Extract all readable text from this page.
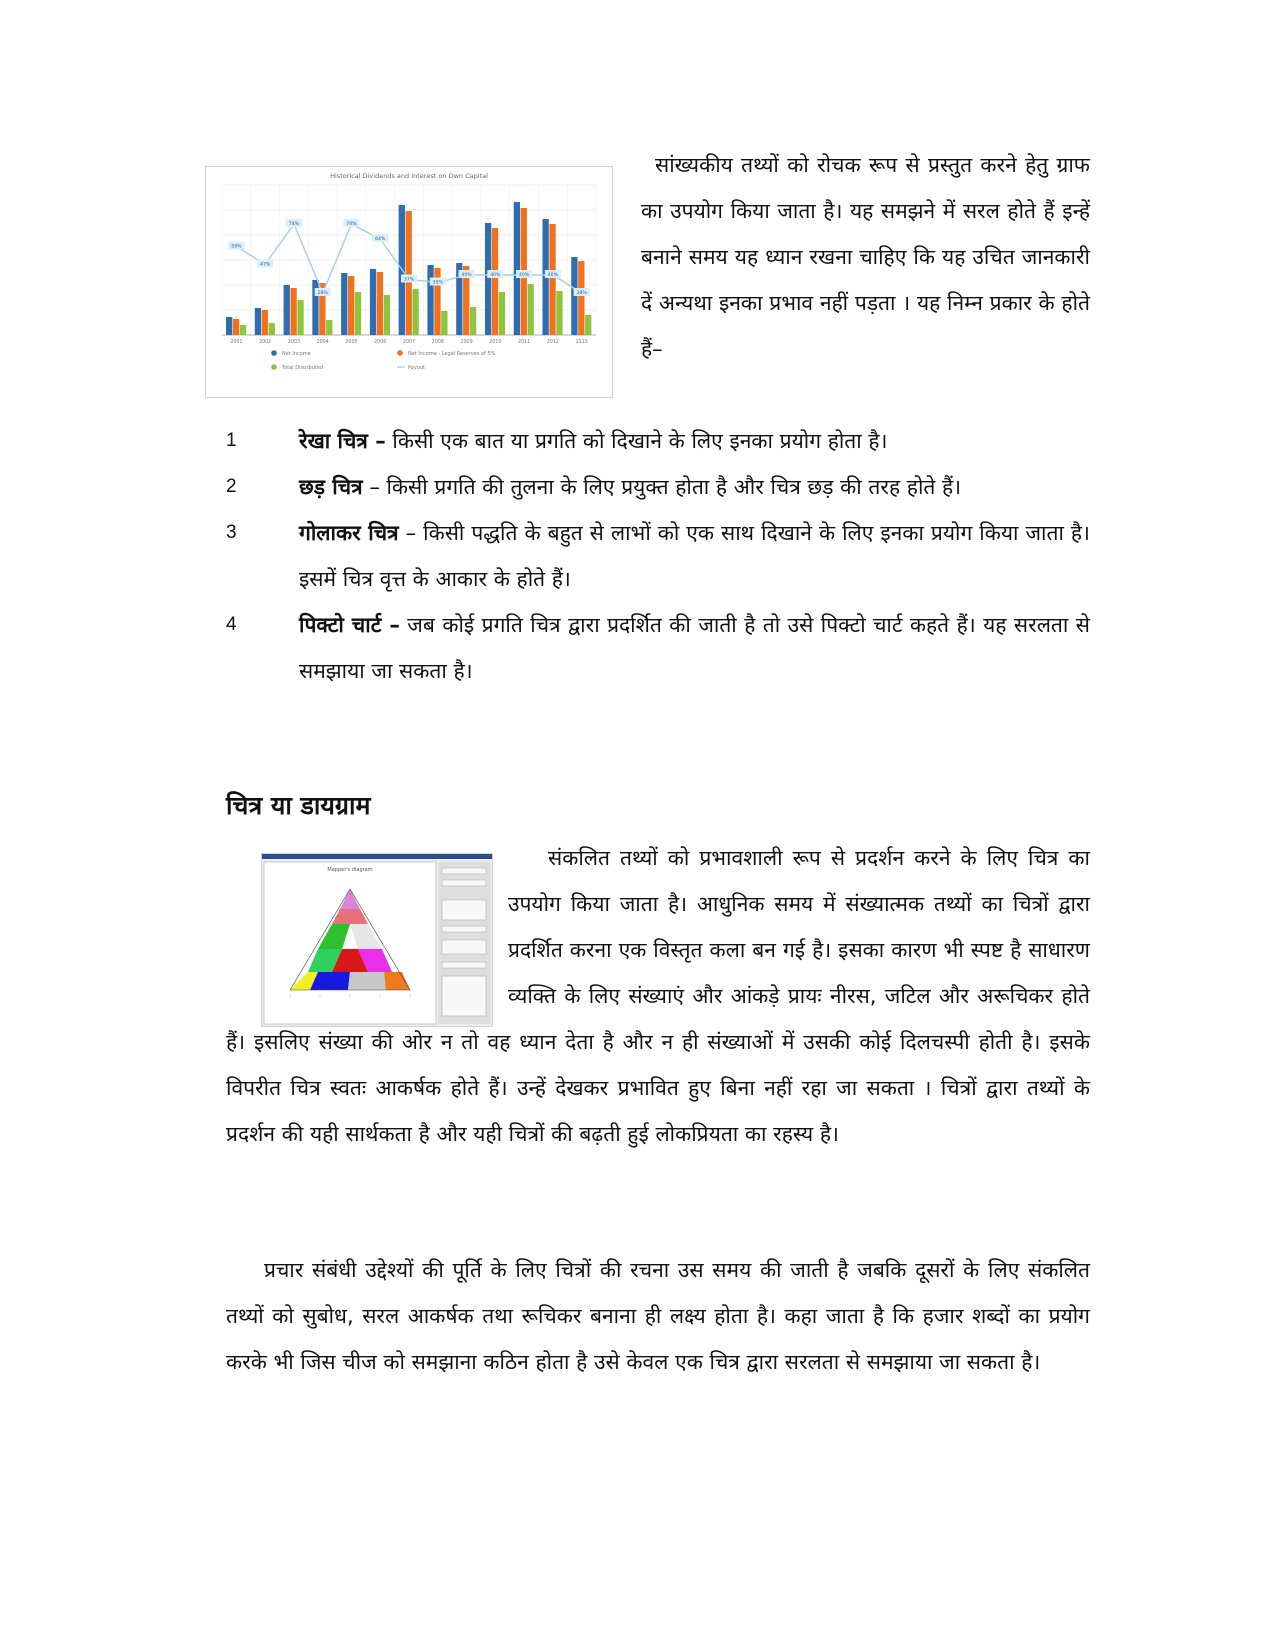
Historical Dividends and Interest on Own Capital
59%
47%
74%
28%
74%
64%
37%
35%
40%	40%	40%	40%
28%
2001	2002	2003	2004	2005	2006	2007	2008	2009	2010	2011	2012	1S13
Net Income	Net Income - Legal Reserves of 5%
Total Distributed	Payout

सांख्यकीय तथ्यों को रोचक रूप से प्रस्तुत करने हेतु ग्राफ का उपयोग किया जाता है। यह समझने में सरल होते हैं इन्हें बनाने समय यह ध्यान रखना चाहिए कि यह उचित जानकारी दें अन्यथा इनका प्रभाव नहीं पड़ता । यह निम्न प्रकार के होते हैं–

1	रेखा चित्र – किसी एक बात या प्रगति को दिखाने के लिए इनका प्रयोग होता है।
2	छड़ चित्र – किसी प्रगति की तुलना के लिए प्रयुक्त होता है और चित्र छड़ की तरह होते हैं।
3	गोलाकर चित्र – किसी पद्धति के बहुत से लाभों को एक साथ दिखाने के लिए इनका प्रयोग किया जाता है। इसमें चित्र वृत्त के आकार के होते हैं।
4	पिक्टो चार्ट – जब कोई प्रगति चित्र द्वारा प्रदर्शित की जाती है तो उसे पिक्टो चार्ट कहते हैं। यह सरलता से समझाया जा सकता है।
चित्र या डायग्राम

संकलित तथ्यों को प्रभावशाली रूप से प्रदर्शन करने के लिए चित्र का उपयोग किया जाता है। आधुनिक समय में संख्यात्मक तथ्यों का चित्रों द्वारा प्रदर्शित करना एक विस्तृत कला बन गई है। इसका कारण भी स्पष्ट है साधारण व्यक्ति के लिए संख्याएं और आंकड़े प्रायः नीरस, जटिल और अरूचिकर होते हैं। इसलिए संख्या की ओर न तो वह ध्यान देता है और न ही संख्याओं में उसकी कोई दिलचस्पी होती है। इसके विपरीत चित्र स्वतः आकर्षक होते हैं। उन्हें देखकर प्रभावित हुए बिना नहीं रहा जा सकता । चित्रों द्वारा तथ्यों के प्रदर्शन की यही सार्थकता है और यही चित्रों की बढ़ती हुई लोकप्रियता का रहस्य है।

Mapper's diagram

प्रचार संबंधी उद्देश्यों की पूर्ति के लिए चित्रों की रचना उस समय की जाती है जबकि दूसरों के लिए संकलित तथ्यों को सुबोध, सरल आकर्षक तथा रूचिकर बनाना ही लक्ष्य होता है। कहा जाता है कि हजार शब्दों का प्रयोग करके भी जिस चीज को समझाना कठिन होता है उसे केवल एक चित्र द्वारा सरलता से समझाया जा सकता है।
